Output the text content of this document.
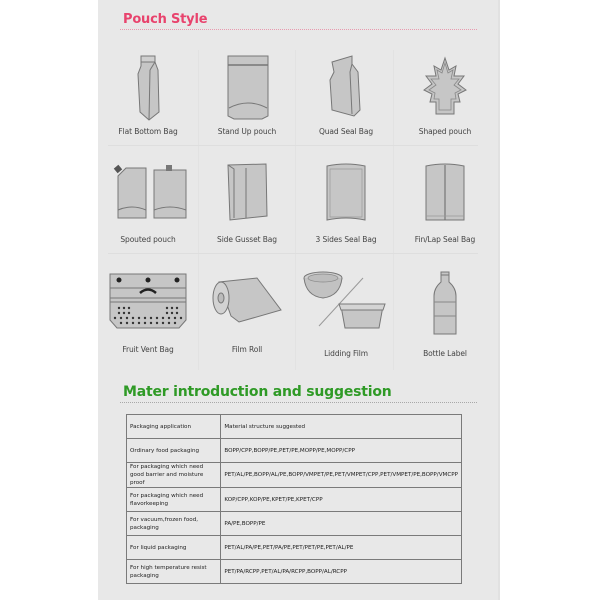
Pouch Style
Flat Bottom Bag	Stand Up pouch	Quad Seal Bag	Shaped pouch
Spouted pouch	Side Gusset Bag	3 Sides Seal Bag	Fin/Lap Seal Bag
Fruit Vent Bag	Film Roll	Lidding Film	Bottle Label
Mater introduction and suggestion
Packaging application	Material structure suggested
Ordinary food packaging	BOPP/CPP,BOPP/PE,PET/PE,MOPP/PE,MOPP/CPP
For packaging which need good barrier and moisture proof	PET/AL/PE,BOPP/AL/PE,BOPP/VMPET/PE,PET/VMPET/CPP,PET/VMPET/PE,BOPP/VMCPP
For packaging which need flavorkeeping	KOP/CPP,KOP/PE,KPET/PE,KPET/CPP
For vacuum,frozen food, packaging	PA/PE,BOPP/PE
For liquid packaging	PET/AL/PA/PE,PET/PA/PE,PET/PET/PE,PET/AL/PE
For high temperature resist packaging	PET/PA/RCPP,PET/AL/PA/RCPP,BOPP/AL/RCPP
